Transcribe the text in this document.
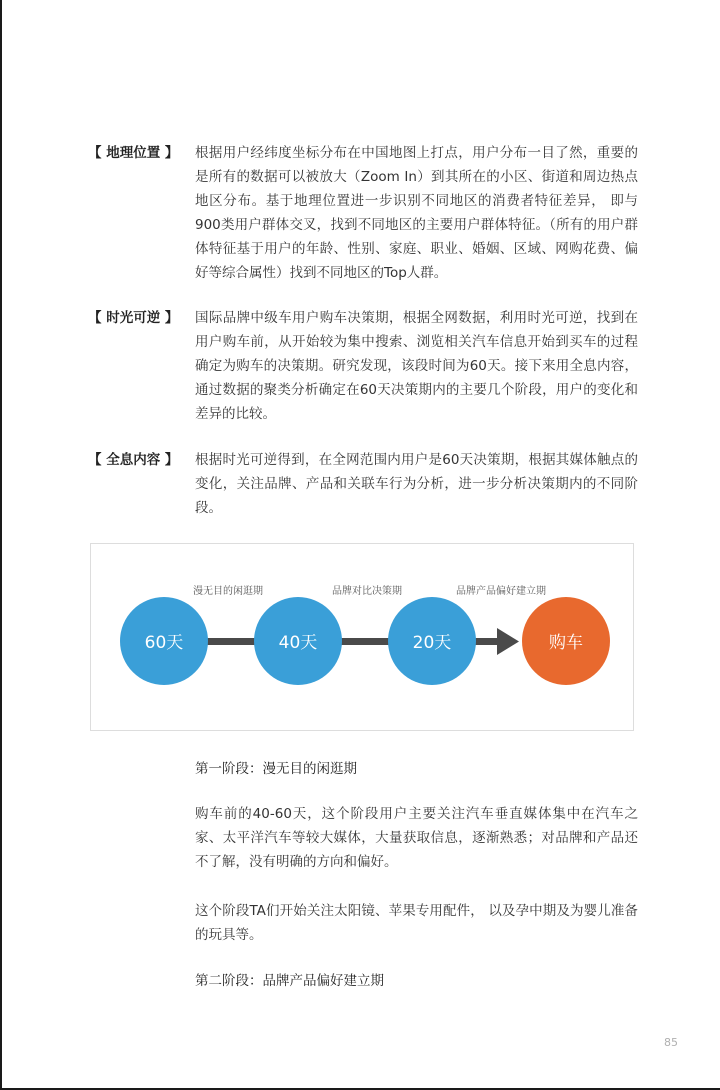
【 地理位置 】	根据用户经纬度坐标分布在中国地图上打点，用户分布一目了然，重要的是所有的数据可以被放大（Zoom In）到其所在的小区、街道和周边热点地区分布。基于地理位置进一步识别不同地区的消费者特征差异， 即与900类用户群体交叉，找到不同地区的主要用户群体特征。（所有的用户群体特征基于用户的年龄、性别、家庭、职业、婚姻、区域、网购花费、偏好等综合属性）找到不同地区的Top人群。

【 时光可逆 】	国际品牌中级车用户购车决策期，根据全网数据，利用时光可逆，找到在用户购车前，从开始较为集中搜索、浏览相关汽车信息开始到买车的过程确定为购车的决策期。研究发现，该段时间为60天。接下来用全息内容，通过数据的聚类分析确定在60天决策期内的主要几个阶段，用户的变化和差异的比较。

【 全息内容 】	根据时光可逆得到，在全网范围内用户是60天决策期，根据其媒体触点的变化，关注品牌、产品和关联车行为分析，进一步分析决策期内的不同阶段。

漫无目的闲逛期	品牌对比决策期	品牌产品偏好建立期
60天	40天	20天	购车
第一阶段：漫无目的闲逛期

购车前的40-60天，这个阶段用户主要关注汽车垂直媒体集中在汽车之家、太平洋汽车等较大媒体，大量获取信息，逐渐熟悉；对品牌和产品还不了解，没有明确的方向和偏好。

这个阶段TA们开始关注太阳镜、苹果专用配件， 以及孕中期及为婴儿准备的玩具等。

第二阶段：品牌产品偏好建立期
85
